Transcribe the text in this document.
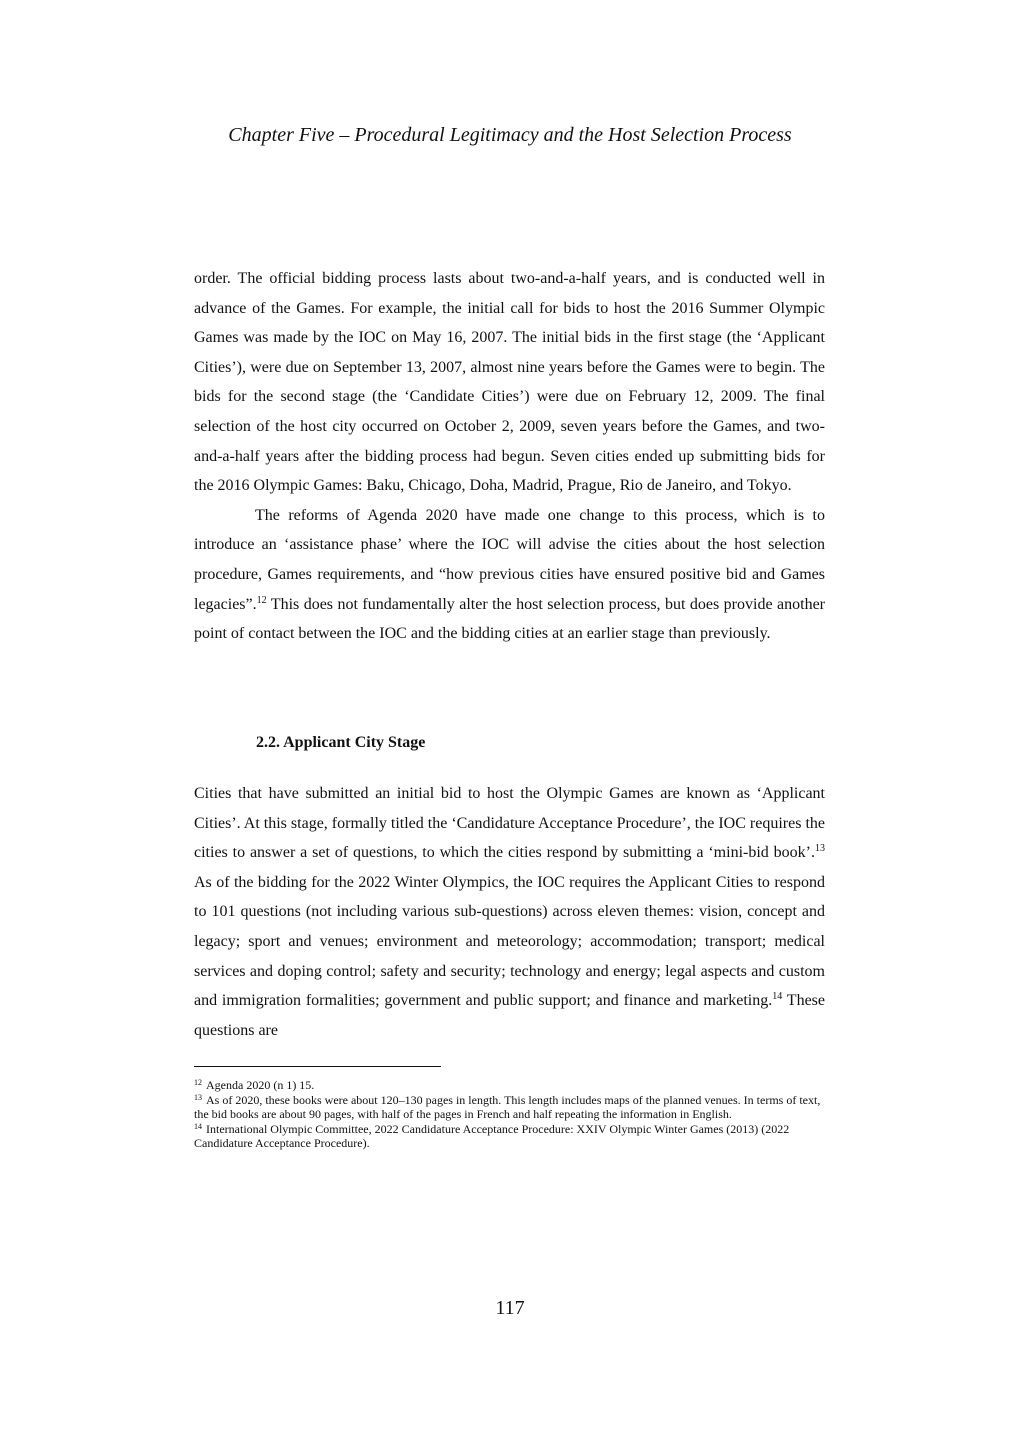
Chapter Five – Procedural Legitimacy and the Host Selection Process

order. The official bidding process lasts about two-and-a-half years, and is conducted well in advance of the Games. For example, the initial call for bids to host the 2016 Summer Olympic Games was made by the IOC on May 16, 2007. The initial bids in the first stage (the ‘Applicant Cities’), were due on September 13, 2007, almost nine years before the Games were to begin. The bids for the second stage (the ‘Candidate Cities’) were due on February 12, 2009. The final selection of the host city occurred on October 2, 2009, seven years before the Games, and two-and-a-half years after the bidding process had begun. Seven cities ended up submitting bids for the 2016 Olympic Games: Baku, Chicago, Doha, Madrid, Prague, Rio de Janeiro, and Tokyo.

The reforms of Agenda 2020 have made one change to this process, which is to introduce an ‘assistance phase’ where the IOC will advise the cities about the host selection procedure, Games requirements, and “how previous cities have ensured positive bid and Games legacies”.$^{12}$ This does not fundamentally alter the host selection process, but does provide another point of contact between the IOC and the bidding cities at an earlier stage than previously.

2.2. Applicant City Stage

Cities that have submitted an initial bid to host the Olympic Games are known as ‘Applicant Cities’. At this stage, formally titled the ‘Candidature Acceptance Procedure’, the IOC requires the cities to answer a set of questions, to which the cities respond by submitting a ‘mini-bid book’.$^{13}$ As of the bidding for the 2022 Winter Olympics, the IOC requires the Applicant Cities to respond to 101 questions (not including various sub-questions) across eleven themes: vision, concept and legacy; sport and venues; environment and meteorology; accommodation; transport; medical services and doping control; safety and security; technology and energy; legal aspects and custom and immigration formalities; government and public support; and finance and marketing.$^{14}$ These questions are

$^{12}$ Agenda 2020 (n 1) 15.

$^{13}$ As of 2020, these books were about 120–130 pages in length. This length includes maps of the planned venues. In terms of text, the bid books are about 90 pages, with half of the pages in French and half repeating the information in English.

$^{14}$ International Olympic Committee, 2022 Candidature Acceptance Procedure: XXIV Olympic Winter Games (2013) (2022 Candidature Acceptance Procedure).

117
